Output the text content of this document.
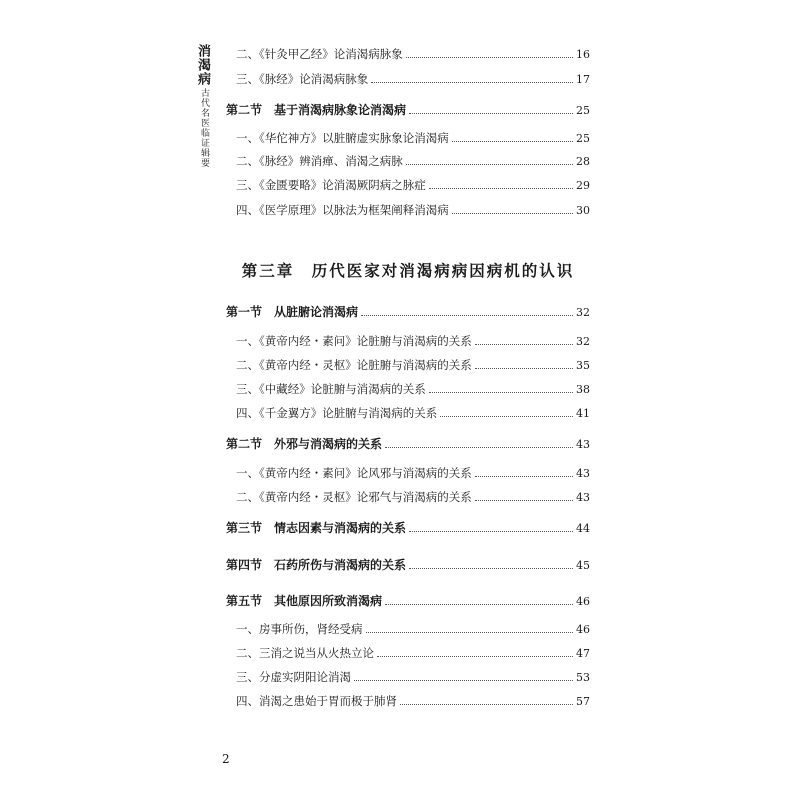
消渴病
古代名医临证辑要
二、《针灸甲乙经》论消渴病脉象	16
三、《脉经》论消渴病脉象	17
第二节　基于消渴病脉象论消渴病	25
一、《华佗神方》以脏腑虚实脉象论消渴病	25
二、《脉经》辨消瘅、消渴之病脉	28
三、《金匮要略》论消渴厥阴病之脉症	29
四、《医学原理》以脉法为框架阐释消渴病	30
第三章　历代医家对消渴病病因病机的认识
第一节　从脏腑论消渴病	32
一、《黄帝内经・素问》论脏腑与消渴病的关系	32
二、《黄帝内经・灵枢》论脏腑与消渴病的关系	35
三、《中藏经》论脏腑与消渴病的关系	38
四、《千金翼方》论脏腑与消渴病的关系	41
第二节　外邪与消渴病的关系	43
一、《黄帝内经・素问》论风邪与消渴病的关系	43
二、《黄帝内经・灵枢》论邪气与消渴病的关系	43
第三节　情志因素与消渴病的关系	44
第四节　石药所伤与消渴病的关系	45
第五节　其他原因所致消渴病	46
一、房事所伤，肾经受病	46
二、三消之说当从火热立论	47
三、分虚实阴阳论消渴	53
四、消渴之患始于胃而极于肺肾	57
2
